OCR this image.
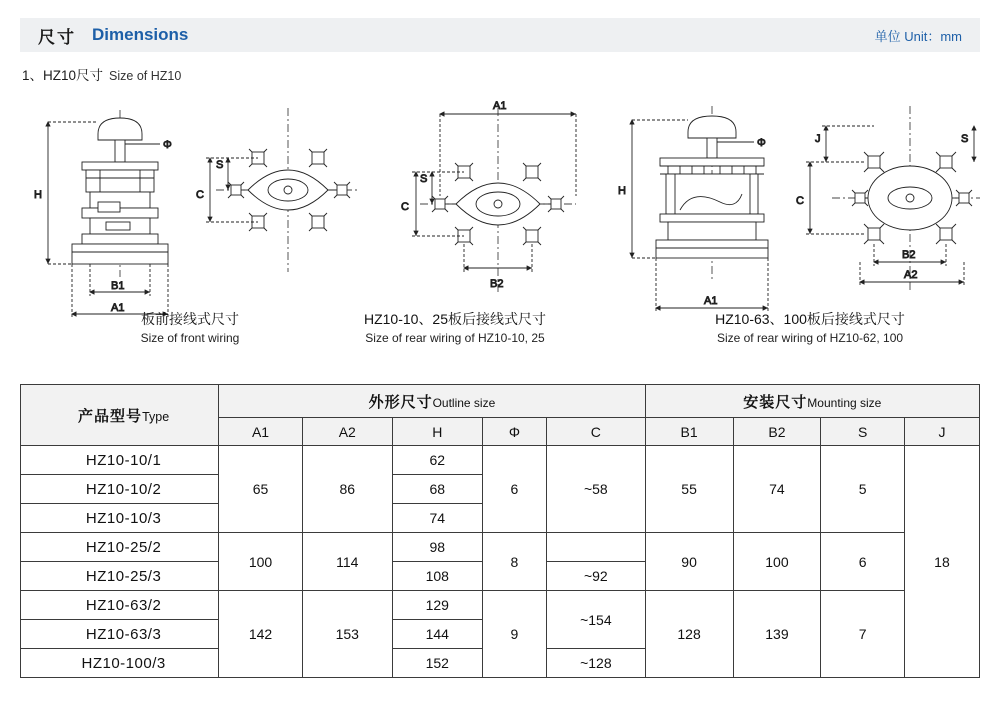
尺寸 Dimensions	单位 Unit：mm
1、HZ10尺寸 Size of HZ10
H
Φ
B1
A1
S
C
A1
S
C
B2
H
Φ
A1
J
C
S
B2
A2
板前接线式尺寸
Size of front wiring
HZ10-10、25板后接线式尺寸
Size of rear wiring of HZ10-10, 25
HZ10-63、100板后接线式尺寸
Size of rear wiring of HZ10-62, 100
产品型号Type	外形尺寸Outline size					安装尺寸Mounting size			
	A1	A2	H	Φ	C	B1	B2	S	J
HZ10-10/1	65	86	62	6	~58	55	74	5	18
HZ10-10/2			68						
HZ10-10/3			74						
HZ10-25/2	100	114	98	8		90	100	6	
HZ10-25/3			108		~92				
HZ10-63/2	142	153	129	9	~154	128	139	7	
HZ10-63/3			144						
HZ10-100/3			152		~128				
